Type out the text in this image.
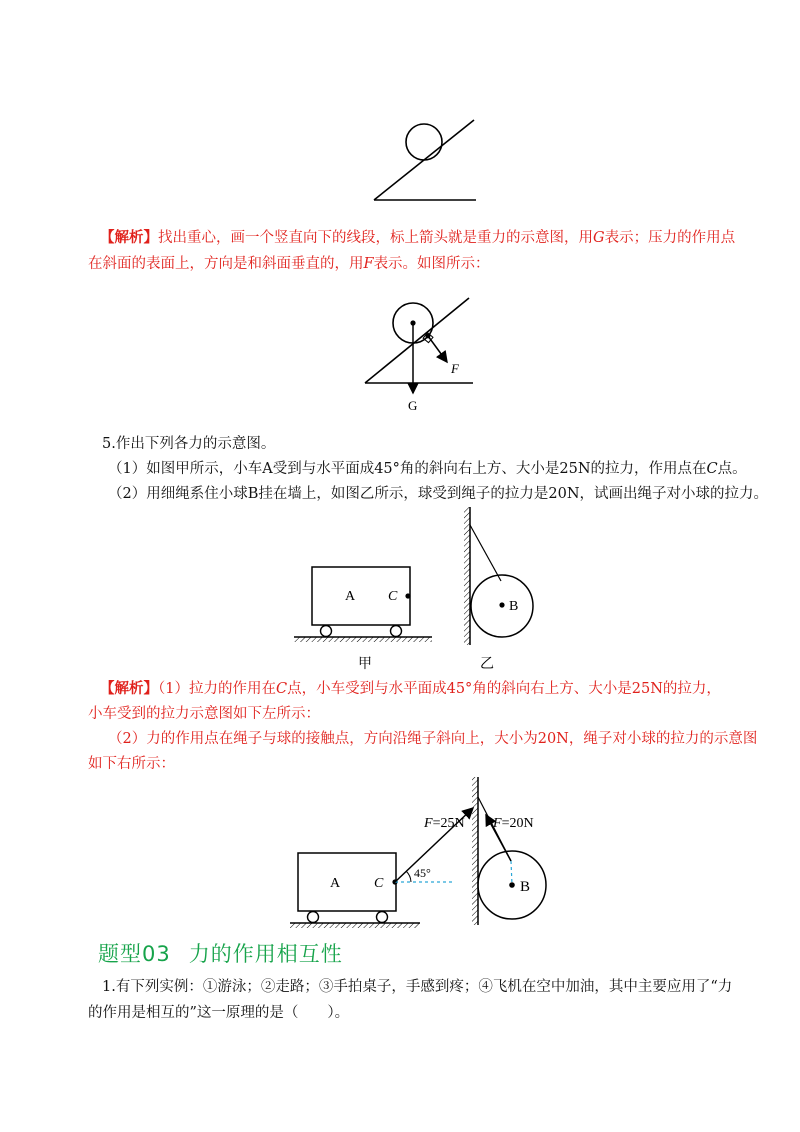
【解析】找出重心，画一个竖直向下的线段，标上箭头就是重力的示意图，用G表示；压力的作用点

在斜面的表面上，方向是和斜面垂直的，用F表示。如图所示：

F
G

5.作出下列各力的示意图。

（1）如图甲所示，小车A受到与水平面成45°角的斜向右上方、大小是25N的拉力，作用点在C点。

（2）用细绳系住小球B挂在墙上，如图乙所示，球受到绳子的拉力是20N，试画出绳子对小球的拉力。

A C
甲
B
乙

【解析】（1）拉力的作用在C点，小车受到与水平面成45°角的斜向右上方、大小是25N的拉力，

小车受到的拉力示意图如下左所示：

（2）力的作用点在绳子与球的接触点，方向沿绳子斜向上，大小为20N，绳子对小球的拉力的示意图

如下右所示：

A C
45°
F=25N
B
F=20N
题型03 力的作用相互性

1.有下列实例：①游泳；②走路；③手拍桌子，手感到疼；④飞机在空中加油，其中主要应用了“力

的作用是相互的”这一原理的是（　　）。
